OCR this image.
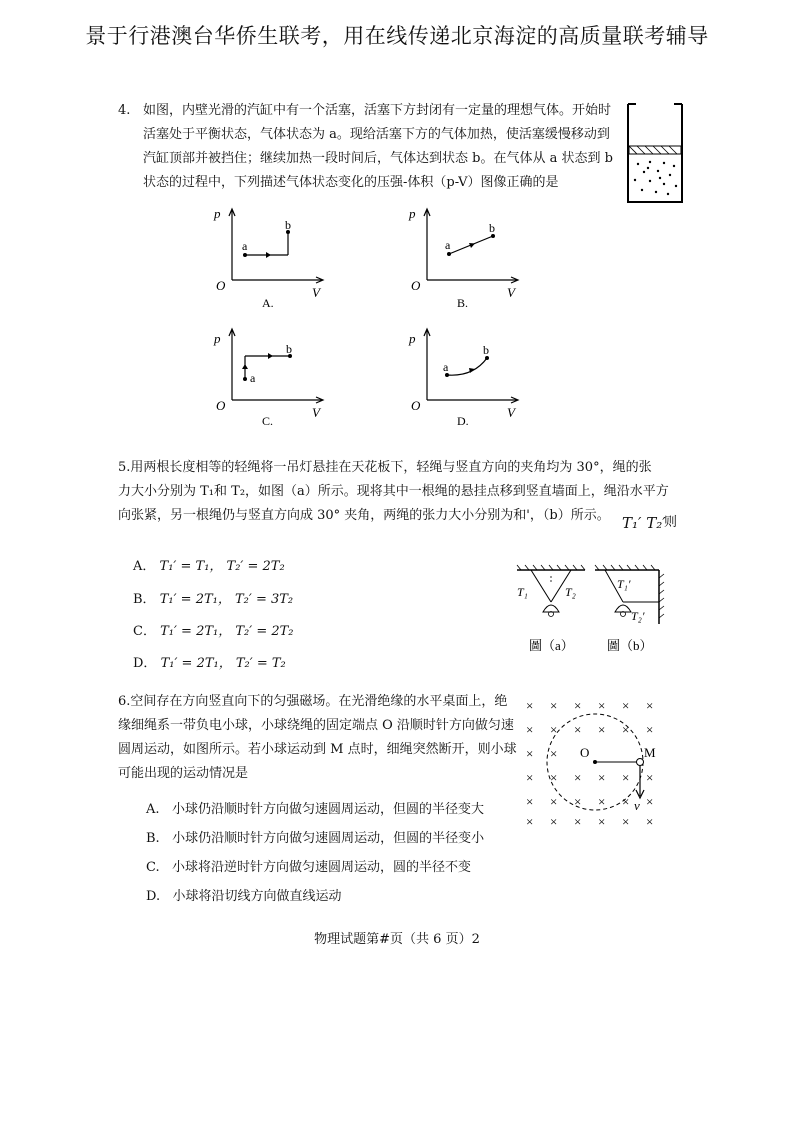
景于行港澳台华侨生联考，用在线传递北京海淀的高质量联考辅导
4. 如图，内壁光滑的汽缸中有一个活塞，活塞下方封闭有一定量的理想气体。开始时
活塞处于平衡状态，气体状态为 a。现给活塞下方的气体加热，使活塞缓慢移动到
汽缸顶部并被挡住；继续加热一段时间后，气体达到状态 b。在气体从 a 状态到 b
状态的过程中，下列描述气体状态变化的压强-体积（p-V）图像正确的是
p
V
O
a
b
A.
p
V
O
a
b
B.
p
V
O
a
b
C.
p
V
O
a
b
D.
5.用两根长度相等的轻绳将一吊灯悬挂在天花板下，轻绳与竖直方向的夹角均为 30°，绳的张
力大小分别为 T₁和 T₂，如图（a）所示。现将其中一根绳的悬挂点移到竖直墙面上，绳沿水平方
向张紧，另一根绳仍与竖直方向成 30° 夹角，两绳的张力大小分别为和'，（b）所示。 T₁′ T₂′
则
A． T₁′ = T₁， T₂′ = 2T₂
B． T₁′ = 2T₁， T₂′ = 3T₂
C． T₁′ = 2T₁， T₂′ = 2T₂
D． T₁′ = 2T₁， T₂′ = T₂
T₁	T₂
圖（a）
T₁′
T₂′
圖（b）
6.空间存在方向竖直向下的匀强磁场。在光滑绝缘的水平桌面上，绝
缘细绳系一带负电小球，小球绕绳的固定端点 O 沿顺时针方向做匀速
圆周运动，如图所示。若小球运动到 M 点时，细绳突然断开，则小球
可能出现的运动情况是
A. 小球仍沿顺时针方向做匀速圆周运动，但圆的半径变大
B. 小球仍沿顺时针方向做匀速圆周运动，但圆的半径变小
C. 小球将沿逆时针方向做匀速圆周运动，圆的半径不变
D. 小球将沿切线方向做直线运动
× × × × × ×
× × × × × ×
× ×
× × × × × ×
× × × × × ×
× × × × × ×
O	M
v
物理试题第#页（共 6 页）2
